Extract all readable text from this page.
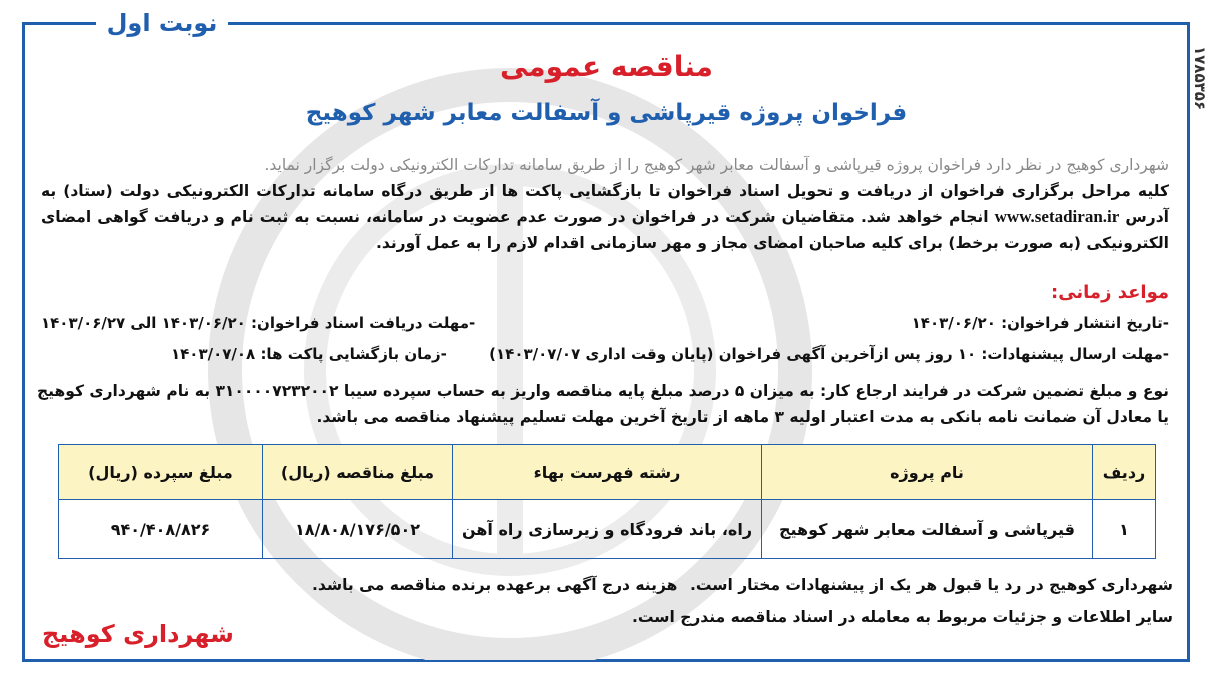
نوبت اول
۱۷۸۵۳۵۶
مناقصه عمومی
فراخوان پروژه قیرپاشی و آسفالت معابر شهر کوهیج
شهرداری کوهیج در نظر دارد فراخوان پروژه قیرپاشی و آسفالت معابر شهر کوهیج را از طریق سامانه تدارکات الکترونیکی دولت برگزار نماید.
کلیه مراحل برگزاری فراخوان از دریافت و تحویل اسناد فراخوان تا بازگشایی پاکت ها از طریق درگاه سامانه تدارکات الکترونیکی دولت (ستاد) به آدرس www.setadiran.ir انجام خواهد شد. متقاضیان شرکت در فراخوان در صورت عدم عضویت در سامانه، نسبت به ثبت نام و دریافت گواهی امضای الکترونیکی (به صورت برخط) برای کلیه صاحبان امضای مجاز و مهر سازمانی اقدام لازم را به عمل آورند.
مواعد زمانی:
-تاریخ انتشار فراخوان: ۱۴۰۳/۰۶/۲۰
-مهلت دریافت اسناد فراخوان: ۱۴۰۳/۰۶/۲۰ الی ۱۴۰۳/۰۶/۲۷
-مهلت ارسال پیشنهادات: ۱۰ روز پس ازآخرین آگهی فراخوان (پایان وقت اداری ۱۴۰۳/۰۷/۰۷)
-زمان بازگشایی پاکت ها: ۱۴۰۳/۰۷/۰۸
نوع و مبلغ تضمین شرکت در فرایند ارجاع کار: به میزان ۵ درصد مبلغ پایه مناقصه واریز به حساب سپرده سیبا ۳۱۰۰۰۰۷۲۳۲۰۰۲ به نام شهرداری کوهیج یا معادل آن ضمانت نامه بانکی به مدت اعتبار اولیه ۳ ماهه از تاریخ آخرین مهلت تسلیم پیشنهاد مناقصه می باشد.
ردیف	نام پروژه	رشته فهرست بهاء	مبلغ مناقصه (ریال)	مبلغ سپرده (ریال)
۱	قیرپاشی و آسفالت معابر شهر کوهیج	راه، باند فرودگاه و زیرسازی راه آهن	۱۸/۸۰۸/۱۷۶/۵۰۲	۹۴۰/۴۰۸/۸۲۶
شهرداری کوهیج در رد یا قبول هر یک از پیشنهادات مختار است.
هزینه درج آگهی برعهده برنده مناقصه می باشد.
سایر اطلاعات و جزئیات مربوط به معامله در اسناد مناقصه مندرج است.
شهرداری کوهیج
